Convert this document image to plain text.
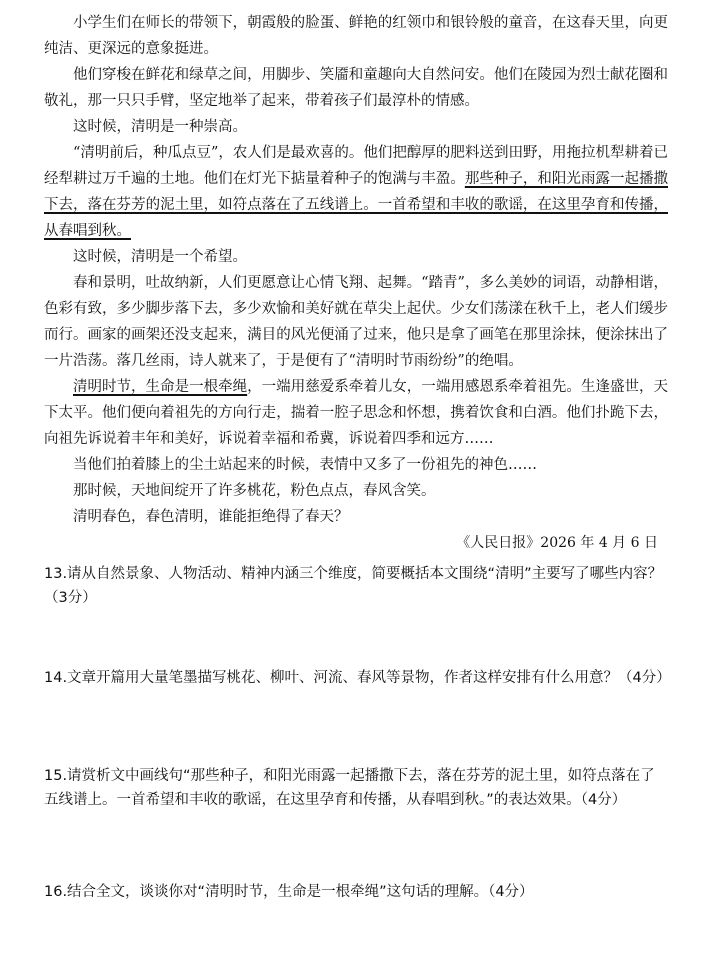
小学生们在师长的带领下，朝霞般的脸蛋、鲜艳的红领巾和银铃般的童音，在这春天里，向更纯洁、更深远的意象挺进。

他们穿梭在鲜花和绿草之间，用脚步、笑靥和童趣向大自然问安。他们在陵园为烈士献花圈和敬礼，那一只只手臂，坚定地举了起来，带着孩子们最淳朴的情感。

这时候，清明是一种崇高。

“清明前后，种瓜点豆”，农人们是最欢喜的。他们把醇厚的肥料送到田野，用拖拉机犁耕着已经犁耕过万千遍的土地。他们在灯光下掂量着种子的饱满与丰盈。那些种子，和阳光雨露一起播撒下去，落在芬芳的泥土里，如符点落在了五线谱上。一首希望和丰收的歌谣，在这里孕育和传播，从春唱到秋。

这时候，清明是一个希望。

春和景明，吐故纳新，人们更愿意让心情飞翔、起舞。“踏青”，多么美妙的词语，动静相谐，色彩有致，多少脚步落下去，多少欢愉和美好就在草尖上起伏。少女们荡漾在秋千上，老人们缓步而行。画家的画架还没支起来，满目的风光便涌了过来，他只是拿了画笔在那里涂抹，便涂抹出了一片浩荡。落几丝雨，诗人就来了，于是便有了“清明时节雨纷纷”的绝唱。

清明时节，生命是一根牵绳，一端用慈爱系牵着儿女，一端用感恩系牵着祖先。生逢盛世，天下太平。他们便向着祖先的方向行走，揣着一腔子思念和怀想，携着饮食和白酒。他们扑跪下去，向祖先诉说着丰年和美好，诉说着幸福和希冀，诉说着四季和远方……

当他们拍着膝上的尘土站起来的时候，表情中又多了一份祖先的神色……

那时候，天地间绽开了许多桃花，粉色点点，春风含笑。

清明春色，春色清明，谁能拒绝得了春天？

《人民日报》2026 年 4 月 6 日

13.请从自然景象、人物活动、精神内涵三个维度，简要概括本文围绕“清明”主要写了哪些内容？（3分）

14.文章开篇用大量笔墨描写桃花、柳叶、河流、春风等景物，作者这样安排有什么用意？（4分）

15.请赏析文中画线句“那些种子，和阳光雨露一起播撒下去，落在芬芳的泥土里，如符点落在了五线谱上。一首希望和丰收的歌谣，在这里孕育和传播，从春唱到秋。”的表达效果。（4分）

16.结合全文，谈谈你对“清明时节，生命是一根牵绳”这句话的理解。（4分）
